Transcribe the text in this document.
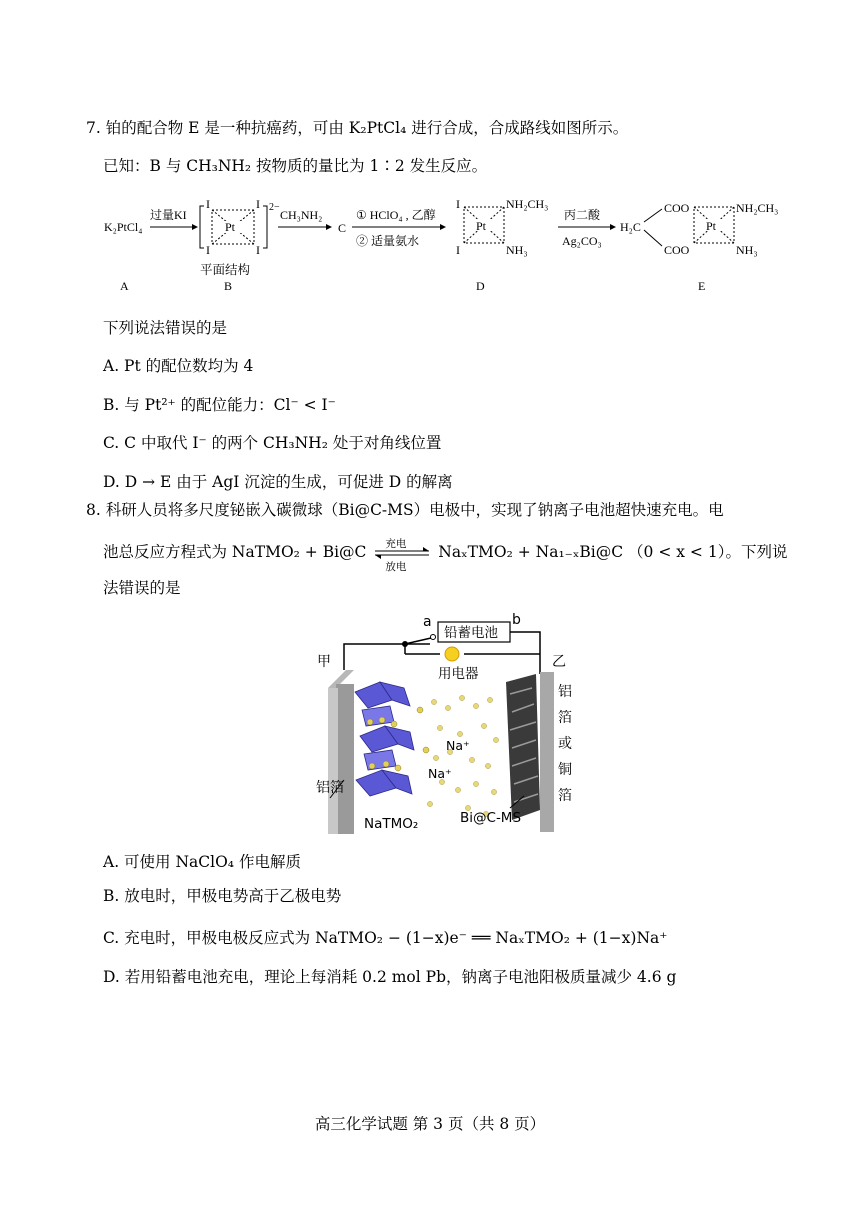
7. 铂的配合物 E 是一种抗癌药，可由 K₂PtCl₄ 进行合成，合成路线如图所示。
已知：B 与 CH₃NH₂ 按物质的量比为 1∶2 发生反应。
K₂PtCl₄
A
过量KI
Pt
I	I
I	I
2−
平面结构
B
CH₃NH₂
C
① HClO₄ , 乙醇
② 适量氨水
Pt
I
I
NH₂CH₃
NH₃
D
丙二酸
Ag₂CO₃
H₂C
COO
COO
Pt
NH₂CH₃
NH₃
E
下列说法错误的是
A. Pt 的配位数均为 4
B. 与 Pt²⁺ 的配位能力：Cl⁻ < I⁻
C. C 中取代 I⁻ 的两个 CH₃NH₂ 处于对角线位置
D. D → E 由于 AgI 沉淀的生成，可促进 D 的解离
8. 科研人员将多尺度铋嵌入碳微球（Bi@C-MS）电极中，实现了钠离子电池超快速充电。电
池总反应方程式为 NaTMO₂ + Bi@C 充电
放电
NaₓTMO₂ + Na₁₋ₓBi@C （0 < x < 1）。下列说
法错误的是
a	b
铅蓄电池
用电器
甲
铝箔
NaTMO₂
Na⁺
Na⁺
乙
铝
箔
或
铜
箔
Bi@C-MS
A. 可使用 NaClO₄ 作电解质
B. 放电时，甲极电势高于乙极电势
C. 充电时，甲极电极反应式为 NaTMO₂ − (1−x)e⁻ ══ NaₓTMO₂ + (1−x)Na⁺
D. 若用铅蓄电池充电，理论上每消耗 0.2 mol Pb，钠离子电池阳极质量减少 4.6 g
高三化学试题 第 3 页（共 8 页）
